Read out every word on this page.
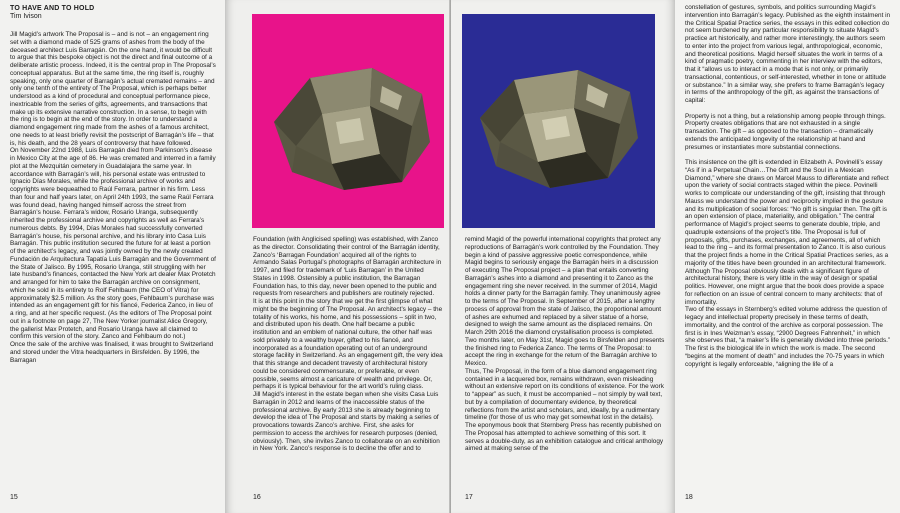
TO HAVE AND TO HOLD
Tim Ivison
Jill Magid’s artwork The Proposal is – and is not – an engagement ring set with a diamond made of 525 grams of ashes from the body of the deceased architect Luis Barragán. On the one hand, it would be difficult to argue that this bespoke object is not the direct and final outcome of a deliberate artistic process. Indeed, it is the central prop in The Proposal’s conceptual apparatus. But at the same time, the ring itself is, roughly speaking, only one quarter of Barragán’s actual cremated remains – and only one tenth of the entirety of The Proposal, which is perhaps better understood as a kind of procedural and conceptual performance piece, inextricable from the series of gifts, agreements, and transactions that make up its extensive narrative construction. In a sense, to begin with the ring is to begin at the end of the story. In order to understand a diamond engagement ring made from the ashes of a famous architect, one needs to at least briefly revisit the postscript of Barragán’s life – that is, his death, and the 28 years of controversy that have followed.
On November 22nd 1988, Luis Barragán died from Parkinson’s disease in Mexico City at the age of 86. He was cremated and interred in a family plot at the Mezquitán cemetery in Guadalajara the same year. In accordance with Barragán’s will, his personal estate was entrusted to Ignacio Días Morales, while the professional archive of works and copyrights were bequeathed to Raúl Ferrara, partner in his firm. Less than four and half years later, on April 24th 1993, the same Raúl Ferrara was found dead, having hanged himself across the street from Barragán’s house. Ferrara’s widow, Rosario Uranga, subsequently inherited the professional archive and copyrights as well as Ferrara’s numerous debts. By 1994, Días Morales had successfully converted Barragán’s house, his personal archive, and his library into Casa Luis Barragán. This public institution secured the future for at least a portion of the architect’s legacy, and was jointly owned by the newly created Fundación de Arquitectura Tapatía Luis Barragán and the Government of the State of Jalisco. By 1995, Rosario Uranga, still struggling with her late husband’s finances, contacted the New York art dealer Max Protetch and arranged for him to take the Barragán archive on consignment, which he sold in its entirety to Rolf Fehlbaum (the CEO of Vitra) for approximately $2.5 million. As the story goes, Fehlbaum’s purchase was intended as an engagement gift for his fiancé, Federica Zanco, in lieu of a ring, and at her specific request. (As the editors of The Proposal point out in a footnote on page 27, The New Yorker journalist Alice Gregory, the gallerist Max Protetch, and Rosario Uranga have all claimed to confirm this version of the story. Zanco and Fehlbaum do not.)
Once the sale of the archive was finalised, it was brought to Switzerland and stored under the Vitra headquarters in Birsfelden. By 1996, the Barragan
15
Foundation (with Anglicised spelling) was established, with Zanco as the director. Consolidating their control of the Barragán identity, Zanco’s ‘Barragan Foundation’ acquired all of the rights to Armando Salas Portugal’s photographs of Barragán architecture in 1997, and filed for trademark of ‘Luis Barragan’ in the United States in 1998. Ostensibly a public institution, the Barragan Foundation has, to this day, never been opened to the public and requests from researchers and publishers are routinely rejected.
It is at this point in the story that we get the first glimpse of what might be the beginning of The Proposal. An architect’s legacy – the totality of his works, his home, and his possessions – split in two, and distributed upon his death. One half became a public institution and an emblem of national culture, the other half was sold privately to a wealthy buyer, gifted to his fiancé, and incorporated as a foundation operating out of an underground storage facility in Switzerland. As an engagement gift, the very idea that this strange and decadent travesty of architectural history could be considered commensurate, or preferable, or even possible, seems almost a caricature of wealth and privilege. Or, perhaps it is typical behaviour for the art world’s ruling class.
Jill Magid’s interest in the estate began when she visits Casa Luis Barragán in 2012 and learns of the inaccessible status of the professional archive. By early 2013 she is already beginning to develop the idea of The Proposal and starts by making a series of provocations towards Zanco’s archive. First, she asks for permission to access the archives for research purposes (denied, obviously). Then, she invites Zanco to collaborate on an exhibition in New York. Zanco’s response is to decline the offer and to
16
remind Magid of the powerful international copyrights that protect any reproductions of Barragán’s work controlled by the Foundation. They begin a kind of passive aggressive poetic correspondence, while Magid begins to seriously engage the Barragán heirs in a discussion of executing The Proposal project – a plan that entails converting Barragán’s ashes into a diamond and presenting it to Zanco as the engagement ring she never received. In the summer of 2014, Magid holds a dinner party for the Barragán family. They unanimously agree to the terms of The Proposal. In September of 2015, after a lengthy process of approval from the state of Jalisco, the proportional amount of ashes are exhumed and replaced by a silver statue of a horse, designed to weigh the same amount as the displaced remains. On March 29th 2016 the diamond crystallisation process is completed. Two months later, on May 31st, Magid goes to Birsfelden and presents the finished ring to Federica Zanco. The terms of The Proposal: to accept the ring in exchange for the return of the Barragán archive to Mexico.
Thus, The Proposal, in the form of a blue diamond engagement ring contained in a lacquered box, remains withdrawn, even misleading without an extensive report on its conditions of existence. For the work to “appear” as such, it must be accompanied – not simply by wall text, but by a compilation of documentary evidence, by theoretical reflections from the artist and scholars, and, ideally, by a rudimentary timeline (for those of us who may get somewhat lost in the details). The eponymous book that Sternberg Press has recently published on The Proposal has attempted to achieve something of this sort. It serves a double-duty, as an exhibition catalogue and critical anthology aimed at making sense of the
17
constellation of gestures, symbols, and politics surrounding Magid’s intervention into Barragán’s legacy. Published as the eighth instalment in the Critical Spatial Practice series, the essays in this edited collection do not seem burdened by any particular responsibility to situate Magid’s practice art historically, and rather more interestingly, the authors seem to enter into the project from various legal, anthropological, economic, and theoretical positions. Magid herself situates the work in terms of a kind of pragmatic poetry, commenting in her interview with the editors, that it “allows us to interact in a mode that is not only, or primarily transactional, contentious, or self-interested, whether in tone or attitude or substance.” In a similar way, she prefers to frame Barragán’s legacy in terms of the anthropology of the gift, as against the transactions of capital:

Property is not a thing, but a relationship among people through things. Property creates obligations that are not exhausted in a single transaction. The gift – as opposed to the transaction – dramatically extends the anticipated longevity of the relationship at hand and presumes or instantiates more substantial connections.

This insistence on the gift is extended in Elizabeth A. Povinelli’s essay “As if in a Perpetual Chain…The Gift and the Soul in a Mexican Diamond,” where she draws on Marcel Mauss to differentiate and reflect upon the variety of social contracts staged within the piece. Povinelli works to complicate our understanding of the gift, insisting that through Mauss we understand the power and reciprocity implied in the gesture and its multiplication of social forces: “No gift is singular then. The gift is an open extension of place, materiality, and obligation.” The central performance of Magid’s project seems to generate double, triple, and quadruple extensions of the project’s title. The Proposal is full of proposals, gifts, purchases, exchanges, and agreements, all of which lead to the ring – and its formal presentation to Zanco. It is also curious that the project finds a home in the Critical Spatial Practices series, as a majority of the titles have been grounded in an architectural framework. Although The Proposal obviously deals with a significant figure of architectural history, there is very little in the way of design or spatial politics. However, one might argue that the book does provide a space for reflection on an issue of central concern to many architects: that of immortality.
Two of the essays in Sternberg’s edited volume address the question of legacy and intellectual property precisely in these terms of death, immortality, and the control of the archive as corporal possession. The first is in Ines Weizman’s essay, “2900 Degrees Fahrenheit,” in which she observes that, “a maker’s life is generally divided into three periods.” The first is the biological life in which the work is made. The second “begins at the moment of death” and includes the 70-75 years in which copyright is legally enforceable, “aligning the life of a
18
